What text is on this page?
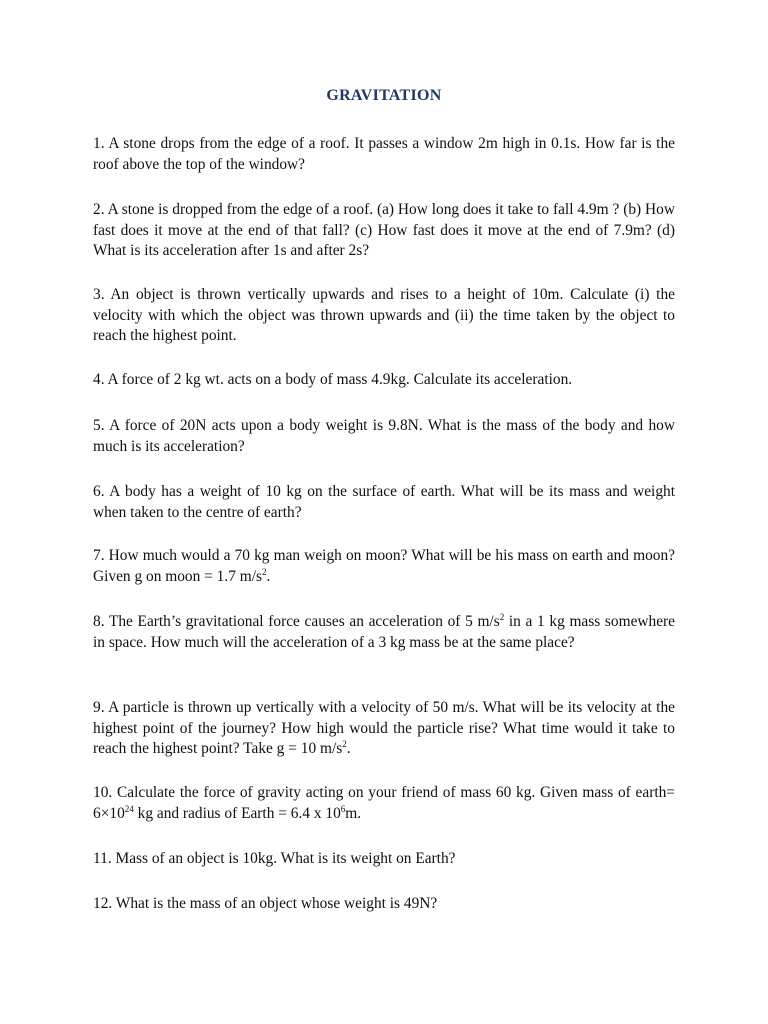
GRAVITATION

1. A stone drops from the edge of a roof. It passes a window 2m high in 0.1s. How far is the roof above the top of the window?

2. A stone is dropped from the edge of a roof. (a) How long does it take to fall 4.9m ? (b) How fast does it move at the end of that fall? (c) How fast does it move at the end of 7.9m? (d) What is its acceleration after 1s and after 2s?

3. An object is thrown vertically upwards and rises to a height of 10m. Calculate (i) the velocity with which the object was thrown upwards and (ii) the time taken by the object to reach the highest point.

4. A force of 2 kg wt. acts on a body of mass 4.9kg. Calculate its acceleration.

5. A force of 20N acts upon a body weight is 9.8N. What is the mass of the body and how much is its acceleration?

6. A body has a weight of 10 kg on the surface of earth. What will be its mass and weight when taken to the centre of earth?

7. How much would a 70 kg man weigh on moon? What will be his mass on earth and moon? Given g on moon = 1.7 $m/s^2$.

8. The Earth’s gravitational force causes an acceleration of 5 $m/s^2$ in a 1 kg mass somewhere in space. How much will the acceleration of a 3 kg mass be at the same place?

9. A particle is thrown up vertically with a velocity of 50 m/s. What will be its velocity at the highest point of the journey? How high would the particle rise? What time would it take to reach the highest point? Take g = 10 $m/s^2$.

10. Calculate the force of gravity acting on your friend of mass 60 kg. Given mass of earth= $6\times 10^{24}$ kg and radius of Earth = 6.4 x $10^6m$.

11. Mass of an object is 10kg. What is its weight on Earth?

12. What is the mass of an object whose weight is 49N?
